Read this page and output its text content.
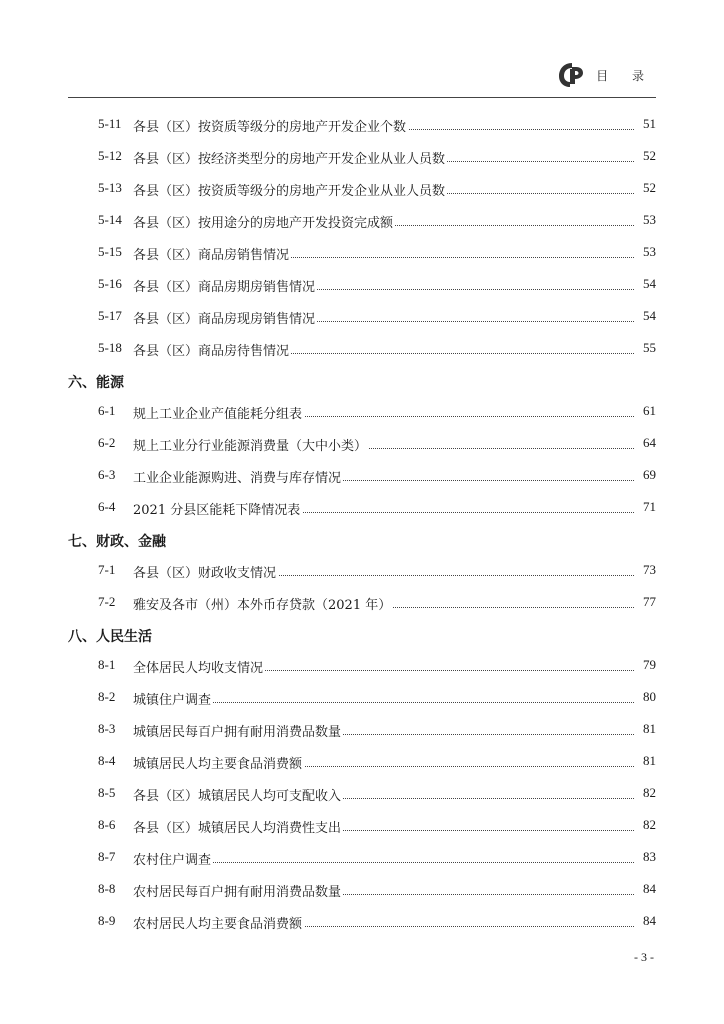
目 录
5-11 各县（区）按资质等级分的房地产开发企业个数	51
5-12 各县（区）按经济类型分的房地产开发企业从业人员数	52
5-13 各县（区）按资质等级分的房地产开发企业从业人员数	52
5-14 各县（区）按用途分的房地产开发投资完成额	53
5-15 各县（区）商品房销售情况	53
5-16 各县（区）商品房期房销售情况	54
5-17 各县（区）商品房现房销售情况	54
5-18 各县（区）商品房待售情况	55
六、能源
6-1	规上工业企业产值能耗分组表	61
6-2	规上工业分行业能源消费量（大中小类）	64
6-3	工业企业能源购进、消费与库存情况	69
6-4	2021 分县区能耗下降情况表	71
七、财政、金融
7-1	各县（区）财政收支情况	73
7-2	雅安及各市（州）本外币存贷款（2021 年）	77
八、人民生活
8-1	全体居民人均收支情况	79
8-2	城镇住户调查	80
8-3	城镇居民每百户拥有耐用消费品数量	81
8-4	城镇居民人均主要食品消费额	81
8-5	各县（区）城镇居民人均可支配收入	82
8-6	各县（区）城镇居民人均消费性支出	82
8-7	农村住户调查	83
8-8	农村居民每百户拥有耐用消费品数量	84
8-9	农村居民人均主要食品消费额	84
- 3 -
